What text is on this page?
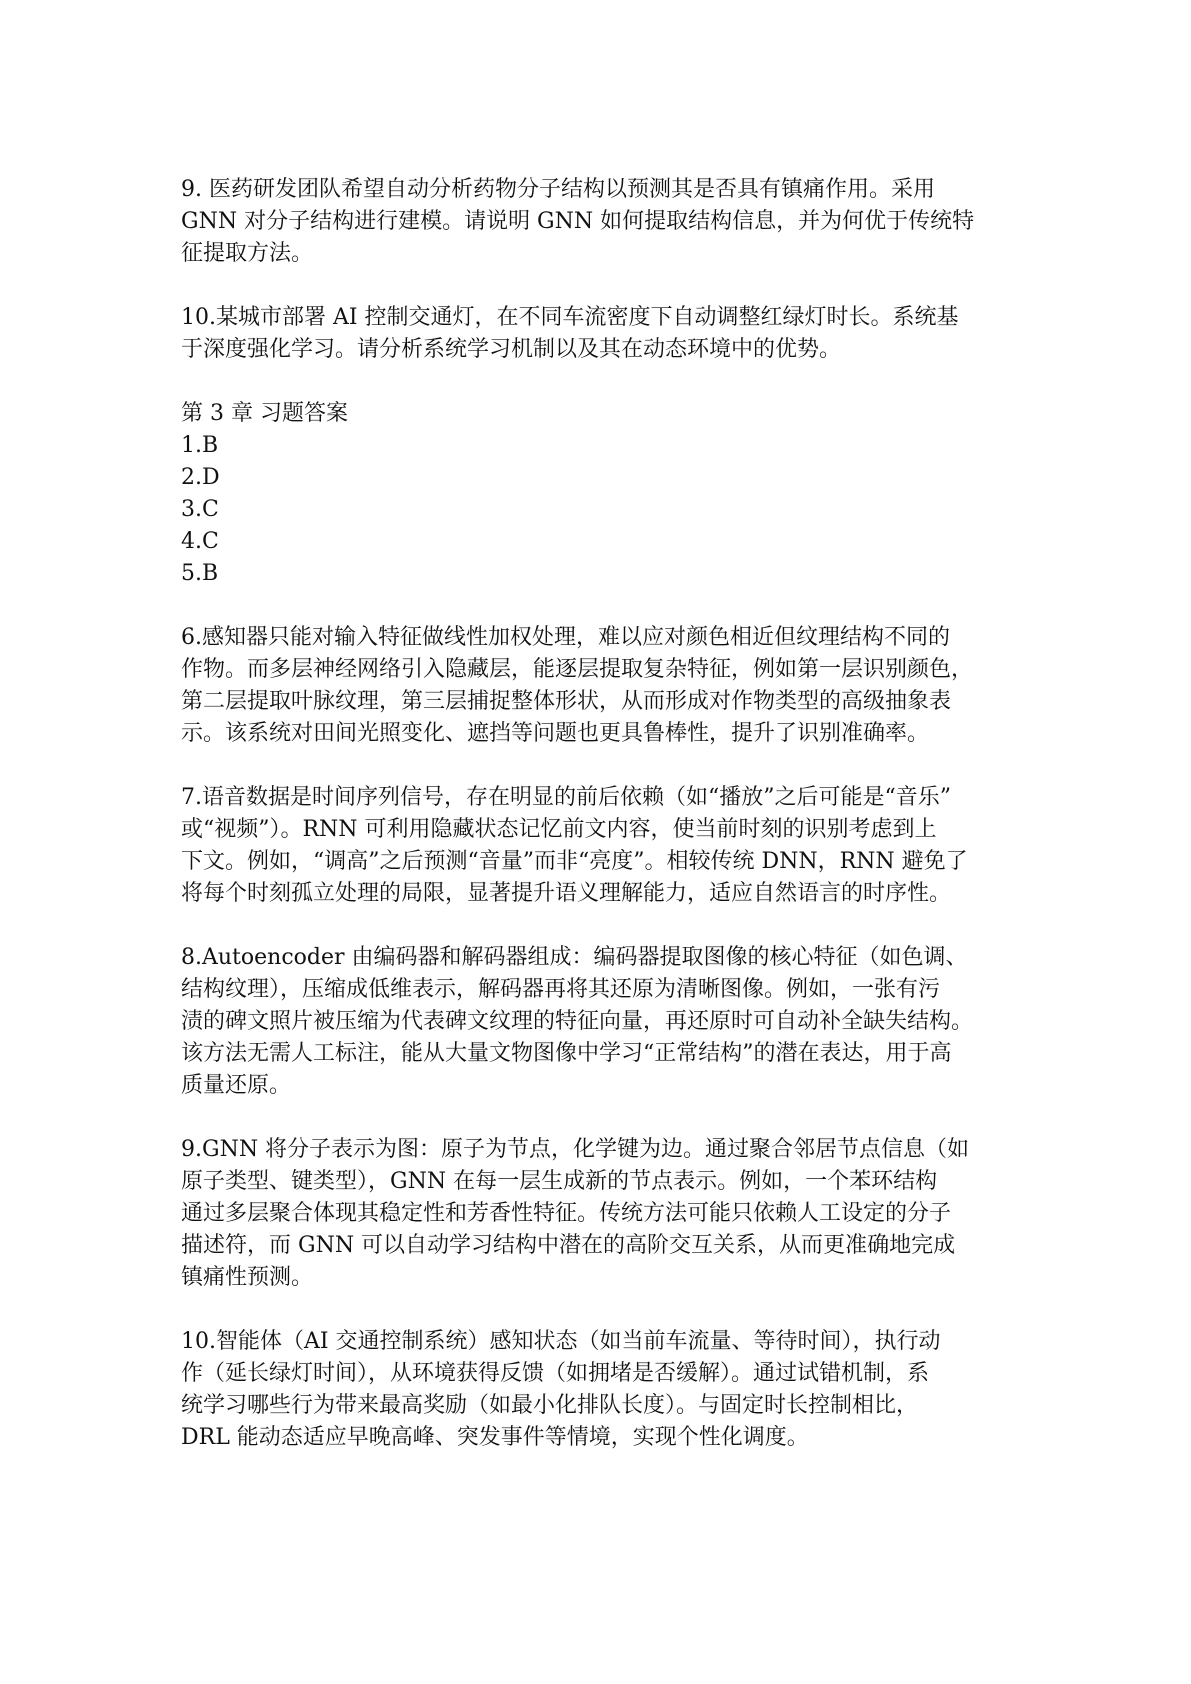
9. 医药研发团队希望自动分析药物分子结构以预测其是否具有镇痛作用。采用

GNN 对分子结构进行建模。请说明 GNN 如何提取结构信息，并为何优于传统特

征提取方法。

10.某城市部署 AI 控制交通灯，在不同车流密度下自动调整红绿灯时长。系统基

于深度强化学习。请分析系统学习机制以及其在动态环境中的优势。

第 3 章 习题答案

1.B

2.D

3.C

4.C

5.B

6.感知器只能对输入特征做线性加权处理，难以应对颜色相近但纹理结构不同的

作物。而多层神经网络引入隐藏层，能逐层提取复杂特征，例如第一层识别颜色，

第二层提取叶脉纹理，第三层捕捉整体形状，从而形成对作物类型的高级抽象表

示。该系统对田间光照变化、遮挡等问题也更具鲁棒性，提升了识别准确率。

7.语音数据是时间序列信号，存在明显的前后依赖（如“播放”之后可能是“音乐”

或“视频”）。RNN 可利用隐藏状态记忆前文内容，使当前时刻的识别考虑到上

下文。例如，“调高”之后预测“音量”而非“亮度”。相较传统 DNN，RNN 避免了

将每个时刻孤立处理的局限，显著提升语义理解能力，适应自然语言的时序性。

8.Autoencoder 由编码器和解码器组成：编码器提取图像的核心特征（如色调、

结构纹理），压缩成低维表示，解码器再将其还原为清晰图像。例如，一张有污

渍的碑文照片被压缩为代表碑文纹理的特征向量，再还原时可自动补全缺失结构。

该方法无需人工标注，能从大量文物图像中学习“正常结构”的潜在表达，用于高

质量还原。

9.GNN 将分子表示为图：原子为节点，化学键为边。通过聚合邻居节点信息（如

原子类型、键类型），GNN 在每一层生成新的节点表示。例如，一个苯环结构

通过多层聚合体现其稳定性和芳香性特征。传统方法可能只依赖人工设定的分子

描述符，而 GNN 可以自动学习结构中潜在的高阶交互关系，从而更准确地完成

镇痛性预测。

10.智能体（AI 交通控制系统）感知状态（如当前车流量、等待时间），执行动

作（延长绿灯时间），从环境获得反馈（如拥堵是否缓解）。通过试错机制，系

统学习哪些行为带来最高奖励（如最小化排队长度）。与固定时长控制相比，

DRL 能动态适应早晚高峰、突发事件等情境，实现个性化调度。
